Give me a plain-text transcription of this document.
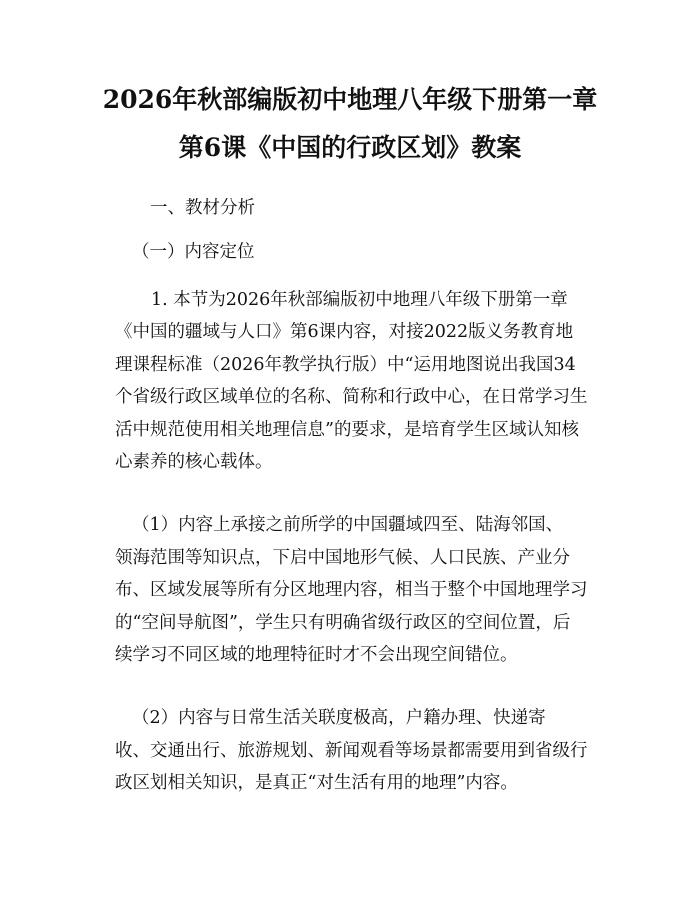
2026年秋部编版初中地理八年级下册第一章
第6课《中国的行政区划》教案

一、教材分析

（一）内容定位

1. 本节为2026年秋部编版初中地理八年级下册第一章

《中国的疆域与人口》第6课内容，对接2022版义务教育地

理课程标准（2026年教学执行版）中“运用地图说出我国34

个省级行政区域单位的名称、简称和行政中心，在日常学习生

活中规范使用相关地理信息”的要求，是培育学生区域认知核

心素养的核心载体。

（1）内容上承接之前所学的中国疆域四至、陆海邻国、

领海范围等知识点，下启中国地形气候、人口民族、产业分

布、区域发展等所有分区地理内容，相当于整个中国地理学习

的“空间导航图”，学生只有明确省级行政区的空间位置，后

续学习不同区域的地理特征时才不会出现空间错位。

（2）内容与日常生活关联度极高，户籍办理、快递寄

收、交通出行、旅游规划、新闻观看等场景都需要用到省级行

政区划相关知识，是真正“对生活有用的地理”内容。
